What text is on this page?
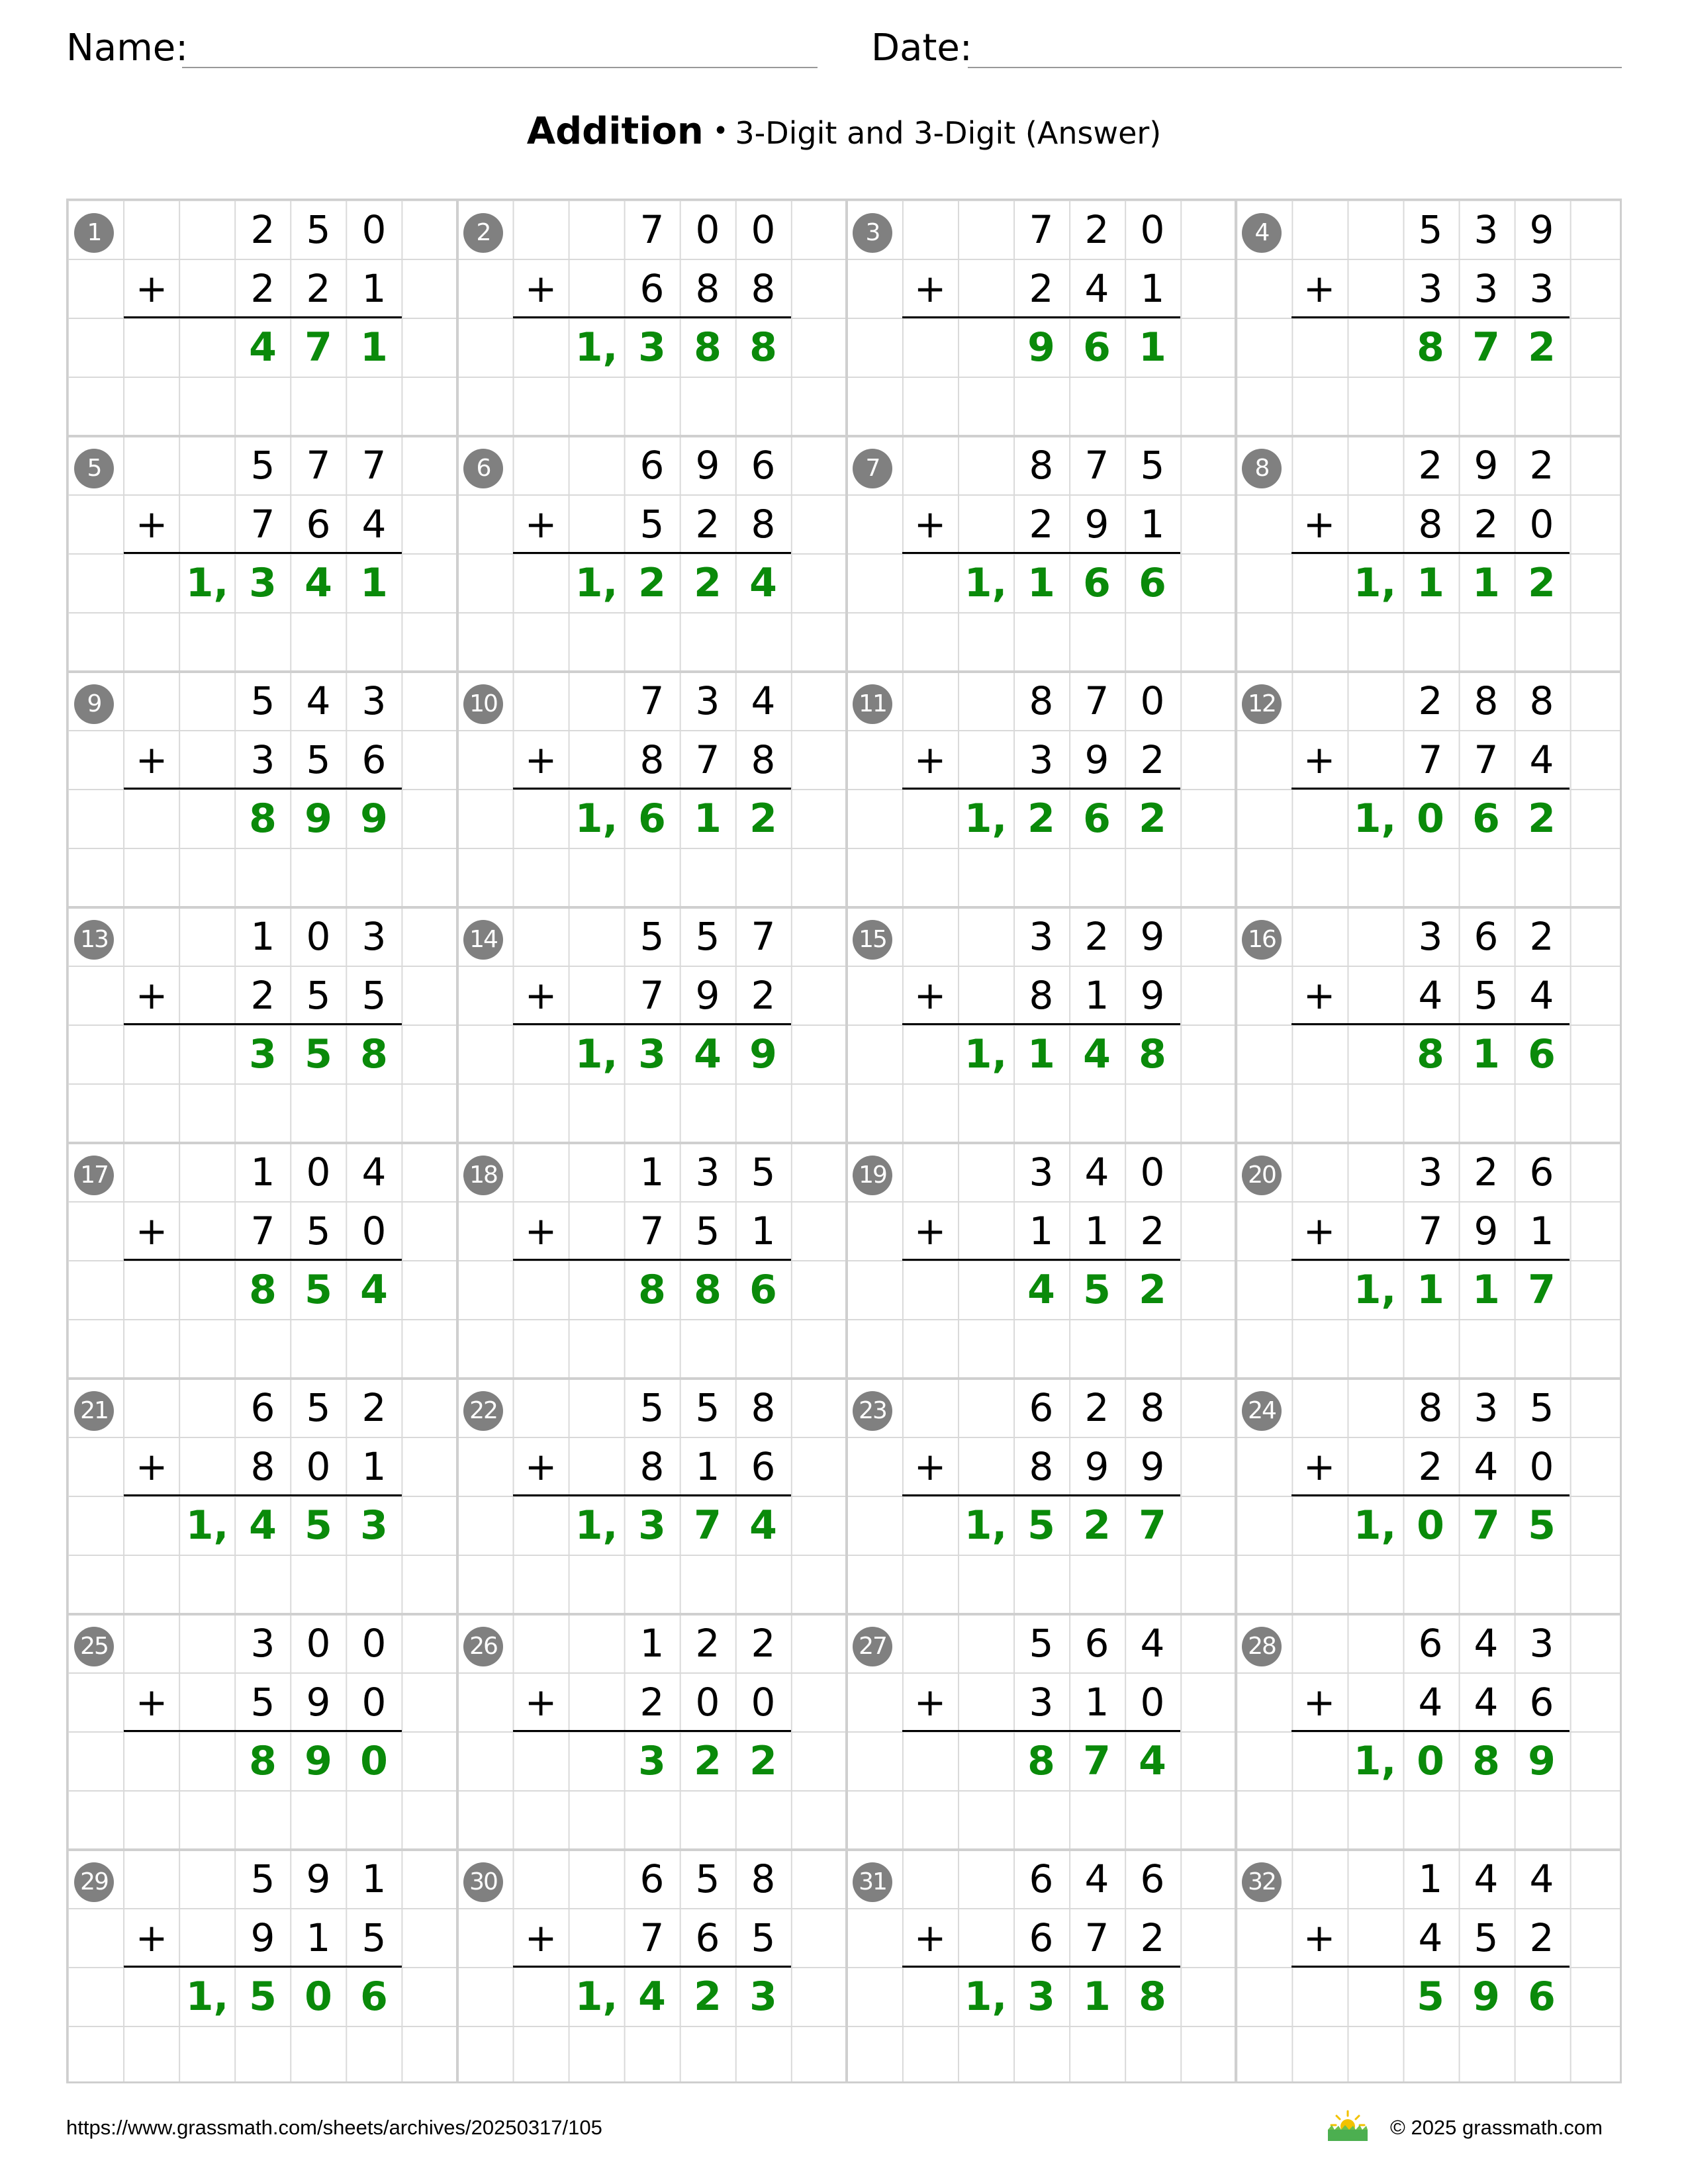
Name:	Date:
Addition • 3-Digit and 3-Digit (Answer)
1	2 5 0
+	2 2 1
4 7 1
2	7 0 0
+	6 8 8
1, 3 8 8
3	7 2 0
+	2 4 1
9 6 1
4	5 3 9
+	3 3 3
8 7 2
5	5 7 7
+	7 6 4
1, 3 4 1
6	6 9 6
+	5 2 8
1, 2 2 4
7	8 7 5
+	2 9 1
1, 1 6 6
8	2 9 2
+	8 2 0
1, 1 1 2
9	5 4 3
+	3 5 6
8 9 9
10	7 3 4
+	8 7 8
1, 6 1 2
11	8 7 0
+	3 9 2
1, 2 6 2
12	2 8 8
+	7 7 4
1, 0 6 2
13	1 0 3
+	2 5 5
3 5 8
14	5 5 7
+	7 9 2
1, 3 4 9
15	3 2 9
+	8 1 9
1, 1 4 8
16	3 6 2
+	4 5 4
8 1 6
17	1 0 4
+	7 5 0
8 5 4
18	1 3 5
+	7 5 1
8 8 6
19	3 4 0
+	1 1 2
4 5 2
20	3 2 6
+	7 9 1
1, 1 1 7
21	6 5 2
+	8 0 1
1, 4 5 3
22	5 5 8
+	8 1 6
1, 3 7 4
23	6 2 8
+	8 9 9
1, 5 2 7
24	8 3 5
+	2 4 0
1, 0 7 5
25	3 0 0
+	5 9 0
8 9 0
26	1 2 2
+	2 0 0
3 2 2
27	5 6 4
+	3 1 0
8 7 4
28	6 4 3
+	4 4 6
1, 0 8 9
29	5 9 1
+	9 1 5
1, 5 0 6
30	6 5 8
+	7 6 5
1, 4 2 3
31	6 4 6
+	6 7 2
1, 3 1 8
32	1 4 4
+	4 5 2
5 9 6
https://www.grassmath.com/sheets/archives/20250317/105	© 2025 grassmath.com
